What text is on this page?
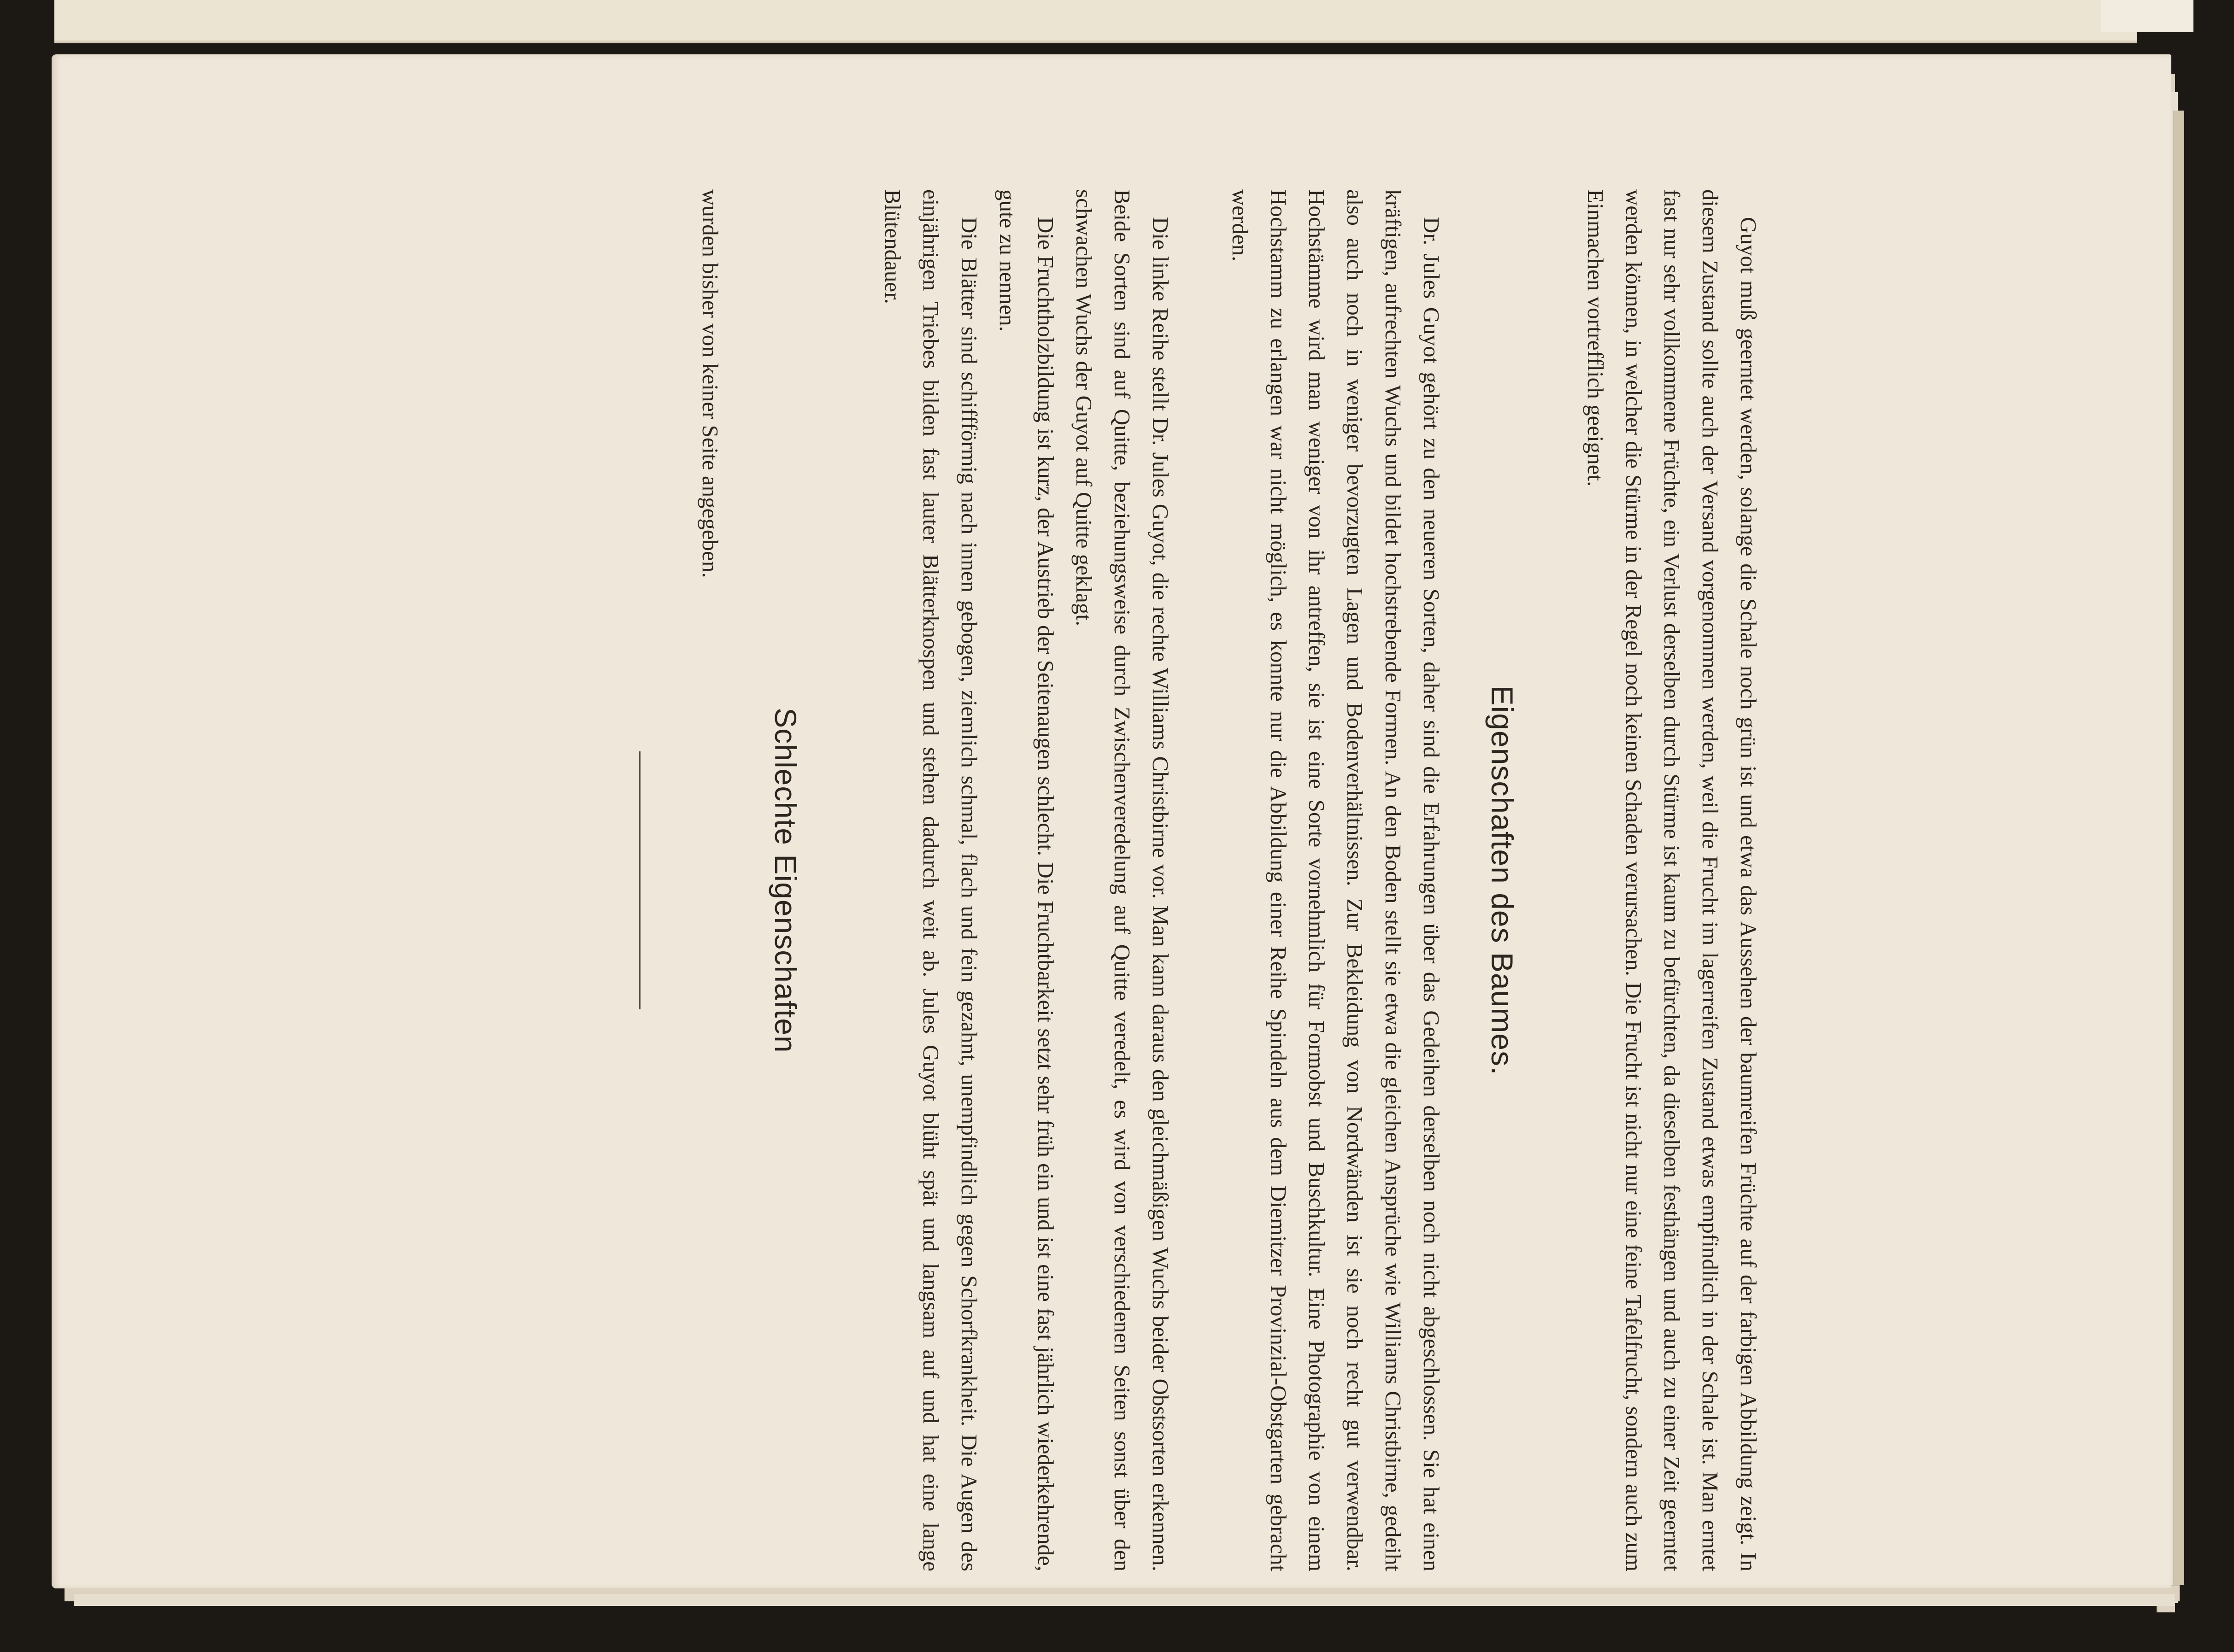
Guyot muß geerntet werden, solange die Schale noch grün ist und etwa das Aussehen der baumreifen Früchte auf der farbigen Abbildung zeigt. In diesem Zustand sollte auch der Versand vorgenommen werden, weil die Frucht im lagerreifen Zustand etwas empfindlich in der Schale ist. Man erntet fast nur sehr vollkommene Früchte, ein Verlust derselben durch Stürme ist kaum zu befürchten, da dieselben festhängen und auch zu einer Zeit geerntet werden können, in welcher die Stürme in der Regel noch keinen Schaden verursachen. Die Frucht ist nicht nur eine feine Tafelfrucht, sondern auch zum Einmachen vortrefflich geeignet.

Eigenschaften des Baumes.

Dr. Jules Guyot gehört zu den neueren Sorten, daher sind die Erfahrungen über das Gedeihen derselben noch nicht abgeschlossen. Sie hat einen kräftigen, aufrechten Wuchs und bildet hochstrebende Formen. An den Boden stellt sie etwa die gleichen Ansprüche wie Williams Christbirne, gedeiht also auch noch in weniger bevorzugten Lagen und Bodenverhältnissen. Zur Bekleidung von Nordwänden ist sie noch recht gut verwendbar. Hochstämme wird man weniger von ihr antreffen, sie ist eine Sorte vornehmlich für Formobst und Buschkultur. Eine Photographie von einem Hochstamm zu erlangen war nicht möglich, es konnte nur die Abbildung einer Reihe Spindeln aus dem Diemitzer Provinzial-Obstgarten gebracht werden.

Die linke Reihe stellt Dr. Jules Guyot, die rechte Williams Christbirne vor. Man kann daraus den gleichmäßigen Wuchs beider Obstsorten erkennen. Beide Sorten sind auf Quitte, beziehungsweise durch Zwischenveredelung auf Quitte veredelt, es wird von verschiedenen Seiten sonst über den schwachen Wuchs der Guyot auf Quitte geklagt.

Die Fruchtholzbildung ist kurz, der Austrieb der Seitenaugen schlecht. Die Fruchtbarkeit setzt sehr früh ein und ist eine fast jährlich wiederkehrende, gute zu nennen.

Die Blätter sind schiffförmig nach innen gebogen, ziemlich schmal, flach und fein gezahnt, unempfindlich gegen Schorfkrankheit. Die Augen des einjährigen Triebes bilden fast lauter Blätterknospen und stehen dadurch weit ab. Jules Guyot blüht spät und langsam auf und hat eine lange Blütendauer.

Schlechte Eigenschaften

wurden bisher von keiner Seite angegeben.
